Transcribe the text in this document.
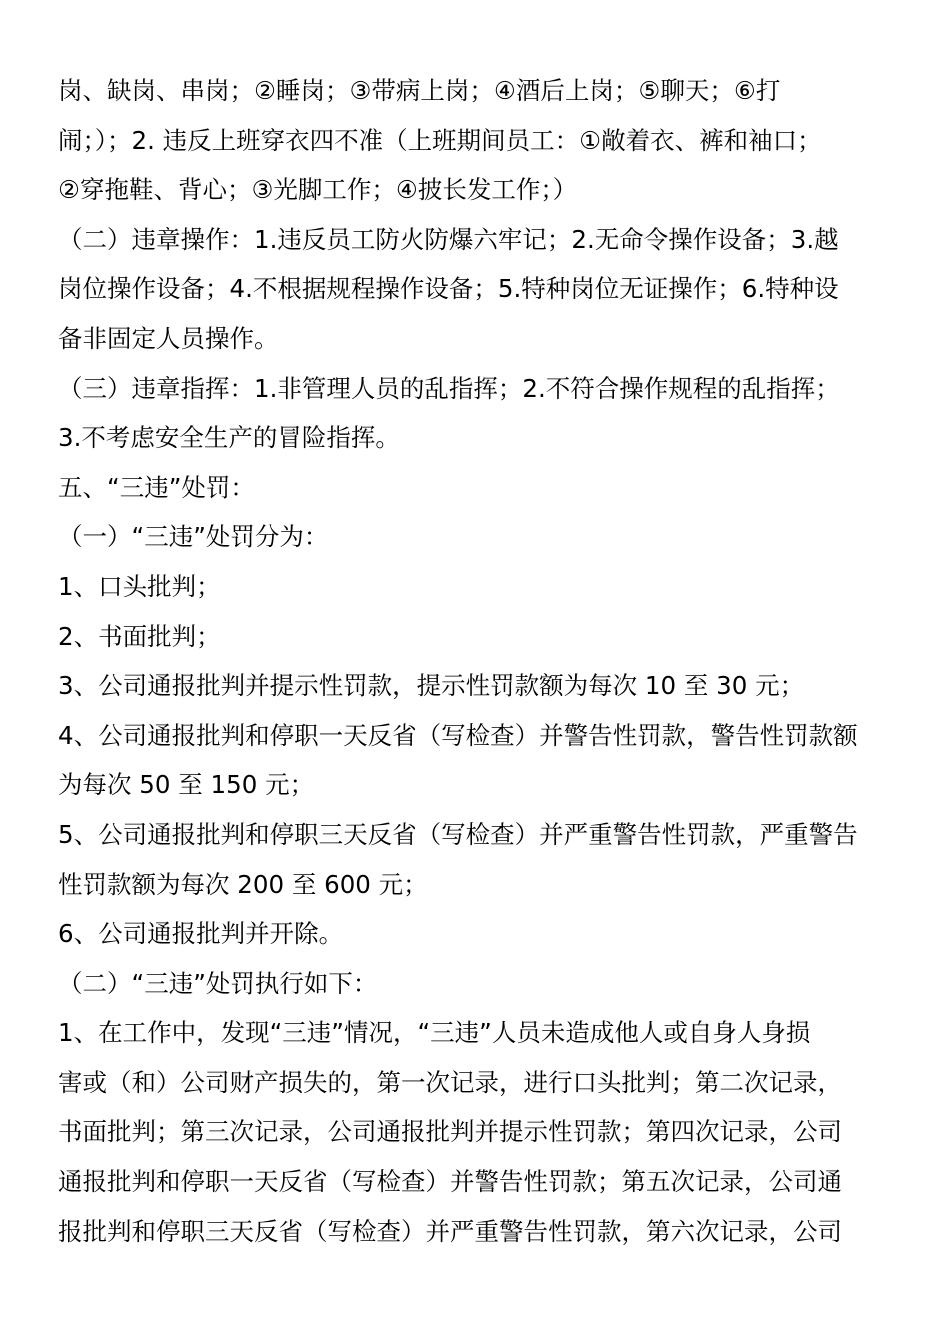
岗、缺岗、串岗；②睡岗；③带病上岗；④酒后上岗；⑤聊天；⑥打
闹；）；2. 违反上班穿衣四不准（上班期间员工：①敞着衣、裤和袖口；
②穿拖鞋、背心；③光脚工作；④披长发工作；）
（二）违章操作：1.违反员工防火防爆六牢记；2.无命令操作设备；3.越
岗位操作设备；4.不根据规程操作设备；5.特种岗位无证操作；6.特种设
备非固定人员操作。
（三）违章指挥：1.非管理人员的乱指挥；2.不符合操作规程的乱指挥；
3.不考虑安全生产的冒险指挥。
五、“三违”处罚：
（一）“三违”处罚分为：
1、口头批判；
2、书面批判；
3、公司通报批判并提示性罚款，提示性罚款额为每次 10 至 30 元；
4、公司通报批判和停职一天反省（写检查）并警告性罚款，警告性罚款额
为每次 50 至 150 元；
5、公司通报批判和停职三天反省（写检查）并严重警告性罚款，严重警告
性罚款额为每次 200 至 600 元；
6、公司通报批判并开除。
（二）“三违”处罚执行如下：
1、在工作中，发现“三违”情况，“三违”人员未造成他人或自身人身损
害或（和）公司财产损失的，第一次记录，进行口头批判；第二次记录，
书面批判；第三次记录，公司通报批判并提示性罚款；第四次记录，公司
通报批判和停职一天反省（写检查）并警告性罚款；第五次记录，公司通
报批判和停职三天反省（写检查）并严重警告性罚款，第六次记录，公司
